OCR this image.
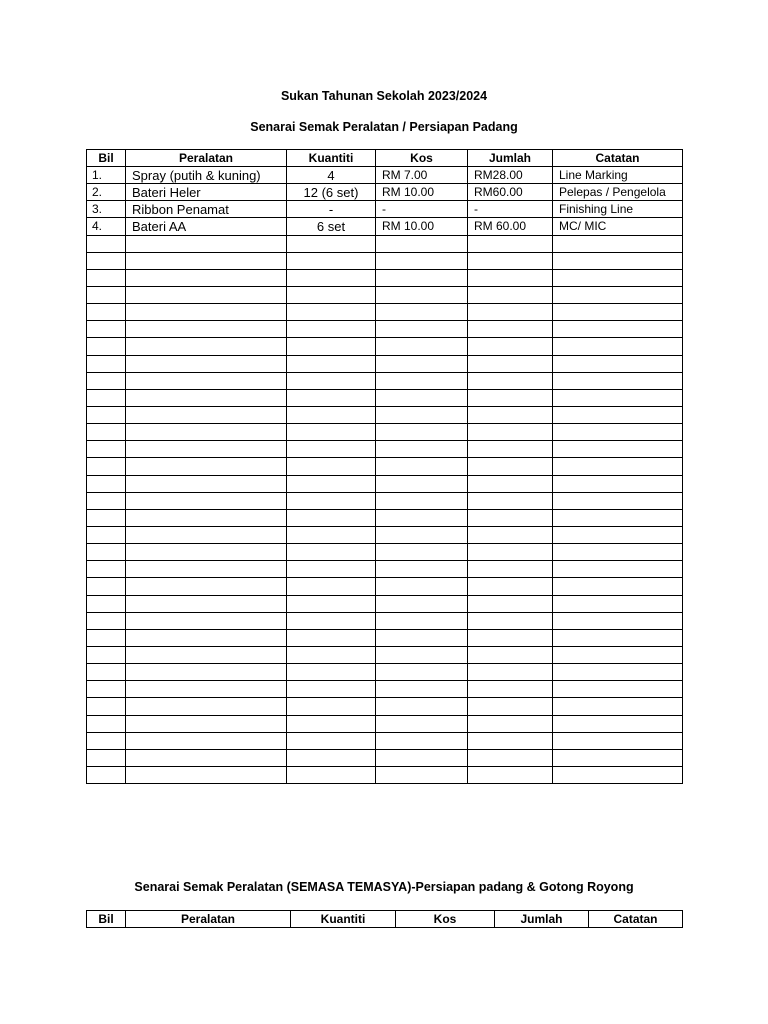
Sukan Tahunan Sekolah 2023/2024
Senarai Semak Peralatan / Persiapan Padang
Bil	Peralatan	Kuantiti	Kos	Jumlah	Catatan
1.	Spray (putih & kuning)	4	RM 7.00	RM28.00	Line Marking
2.	Bateri Heler	12 (6 set)	RM 10.00	RM60.00	Pelepas / Pengelola
3.	Ribbon Penamat	-	-	-	Finishing Line
4.	Bateri AA	6 set	RM 10.00	RM 60.00	MC/ MIC

Senarai Semak Peralatan (SEMASA TEMASYA)-Persiapan padang & Gotong Royong
Bil	Peralatan	Kuantiti	Kos	Jumlah	Catatan
